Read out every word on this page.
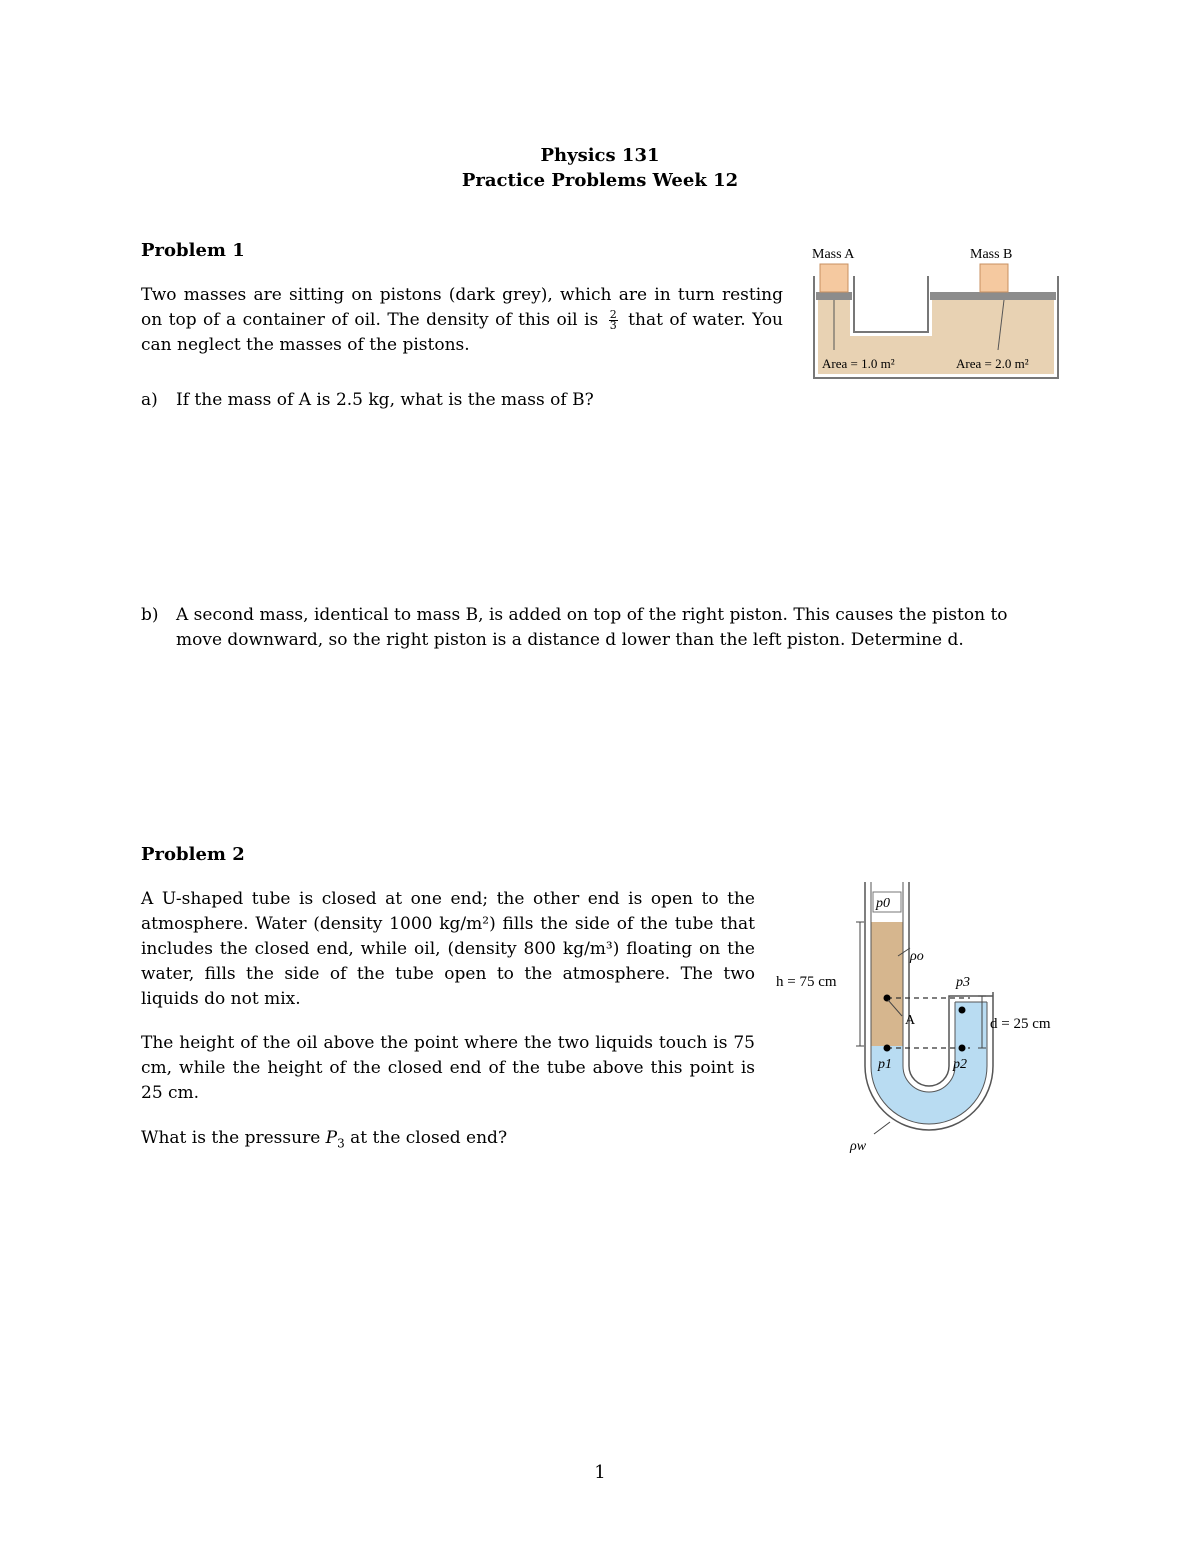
Physics 131
Practice Problems Week 12
Problem 1
Two masses are sitting on pistons (dark grey), which are in turn resting on top of a container of oil. The density of this oil is $\frac{2}{3}$ that of water. You can neglect the masses of the pistons.
a) If the mass of A is 2.5 kg, what is the mass of B?
b) A second mass, identical to mass B, is added on top of the right piston. This causes the piston to move downward, so the right piston is a distance d lower than the left piston. Determine d.
Mass A	Mass B
Area = 1.0 m²	Area = 2.0 m²
Problem 2
A U-shaped tube is closed at one end; the other end is open to the atmosphere. Water (density 1000 kg/m²) fills the side of the tube that includes the closed end, while oil, (density 800 kg/m³) floating on the water, fills the side of the tube open to the atmosphere. The two liquids do not mix.
The height of the oil above the point where the two liquids touch is 75 cm, while the height of the closed end of the tube above this point is 25 cm.
What is the pressure $P_3$ at the closed end?
p0
ρo
h = 75 cm	p3
A	d = 25 cm
p1	p2
ρw
1
